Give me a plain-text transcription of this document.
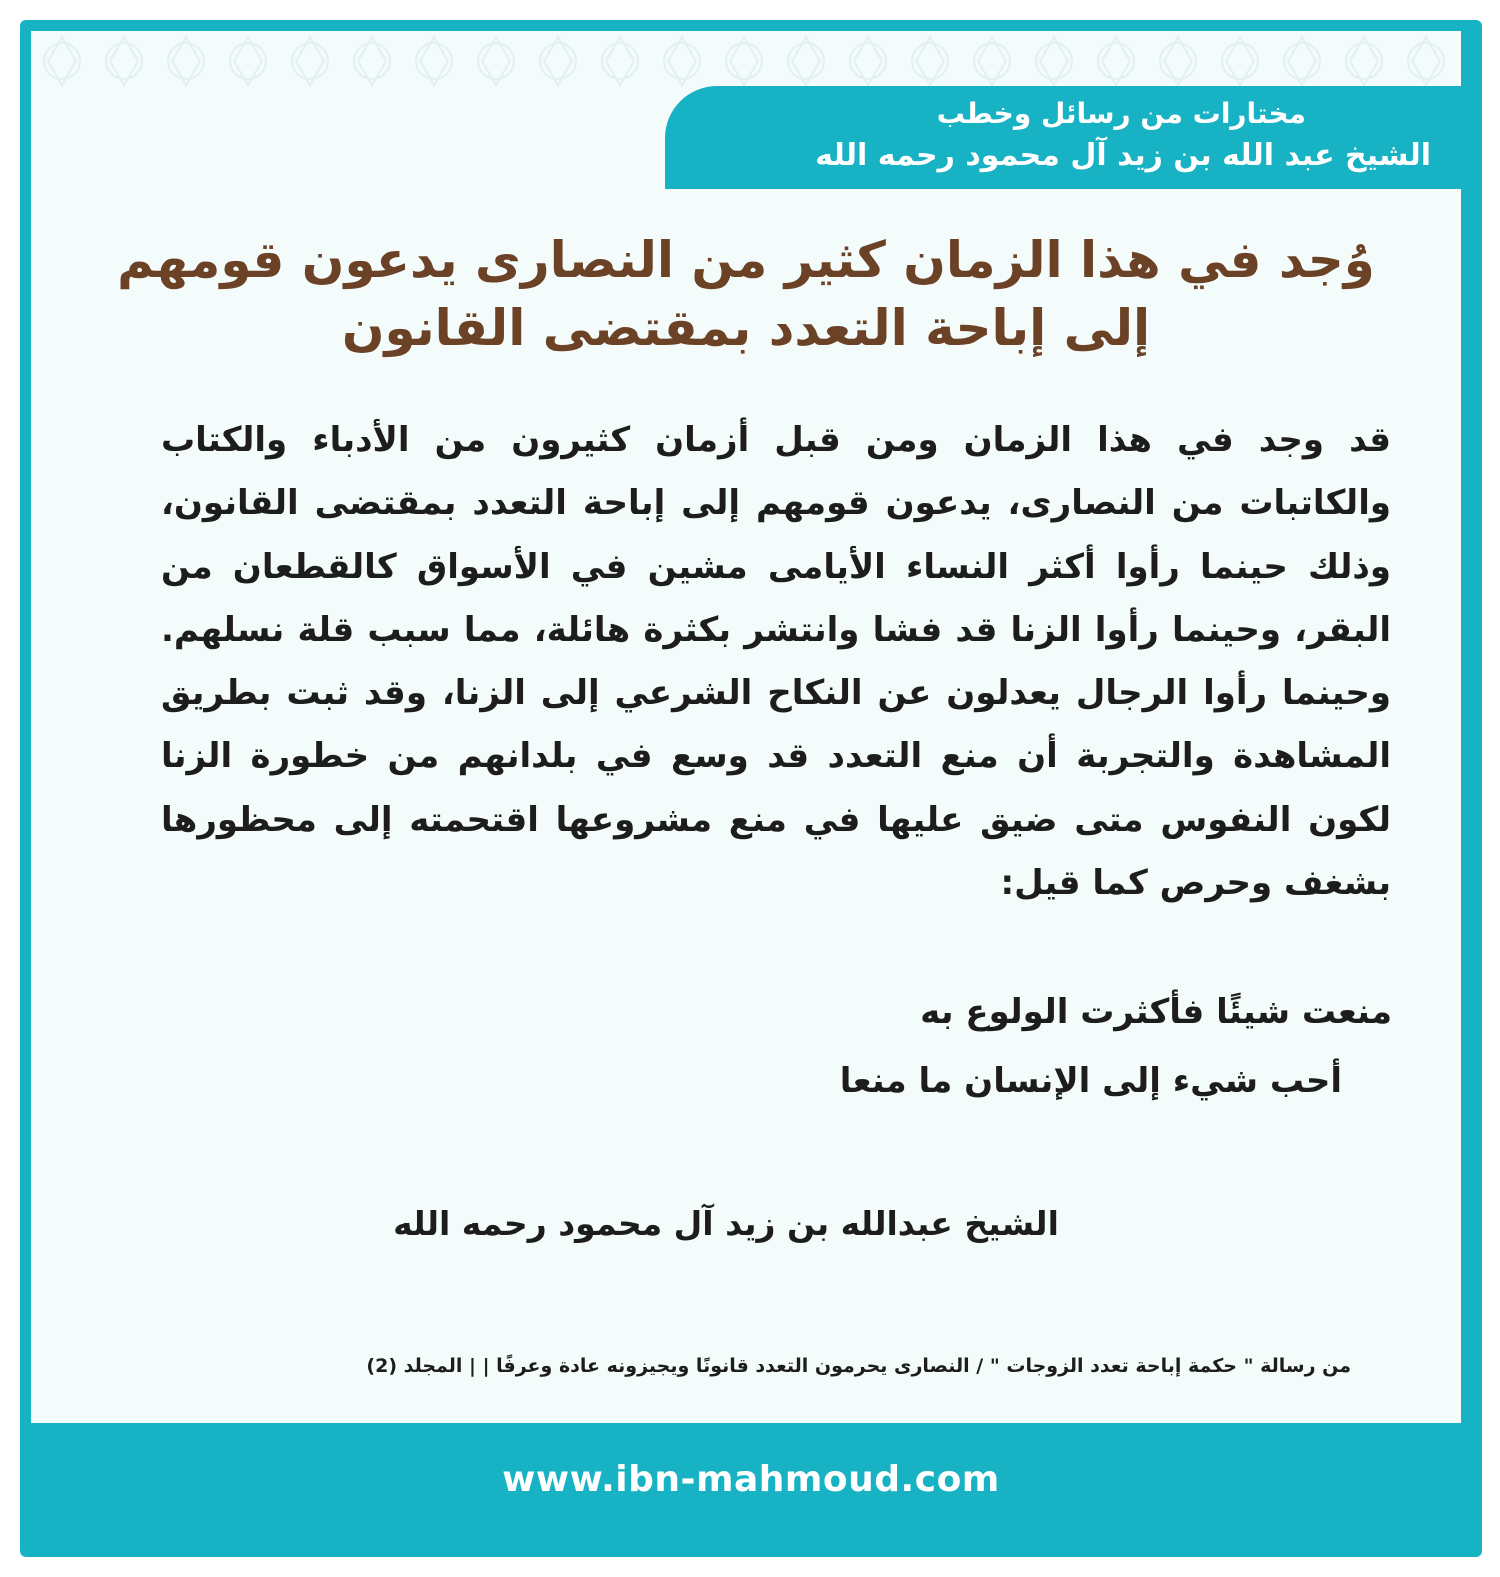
مختارات من رسائل وخطب
الشيخ عبد الله بن زيد آل محمود رحمه الله
وُجد في هذا الزمان كثير من النصارى يدعون قومهم إلى إباحة التعدد بمقتضى القانون
قد وجد في هذا الزمان ومن قبل أزمان كثيرون من الأدباء والكتاب والكاتبات من النصارى، يدعون قومهم إلى إباحة التعدد بمقتضى القانون، وذلك حينما رأوا أكثر النساء الأيامى مشين في الأسواق كالقطعان من البقر، وحينما رأوا الزنا قد فشا وانتشر بكثرة هائلة، مما سبب قلة نسلهم. وحينما رأوا الرجال يعدلون عن النكاح الشرعي إلى الزنا، وقد ثبت بطريق المشاهدة والتجربة أن منع التعدد قد وسع في بلدانهم من خطورة الزنا لكون النفوس متى ضيق عليها في منع مشروعها اقتحمته إلى محظورها بشغف وحرص كما قيل:
منعت شيئًا فأكثرت الولوع به
أحب شيء إلى الإنسان ما منعا
الشيخ عبدالله بن زيد آل محمود رحمه الله
من رسالة " حكمة إباحة تعدد الزوجات " / النصارى يحرمون التعدد قانونًا ويجيزونه عادة وعرفًا | | المجلد (2)
www.ibn-mahmoud.com
